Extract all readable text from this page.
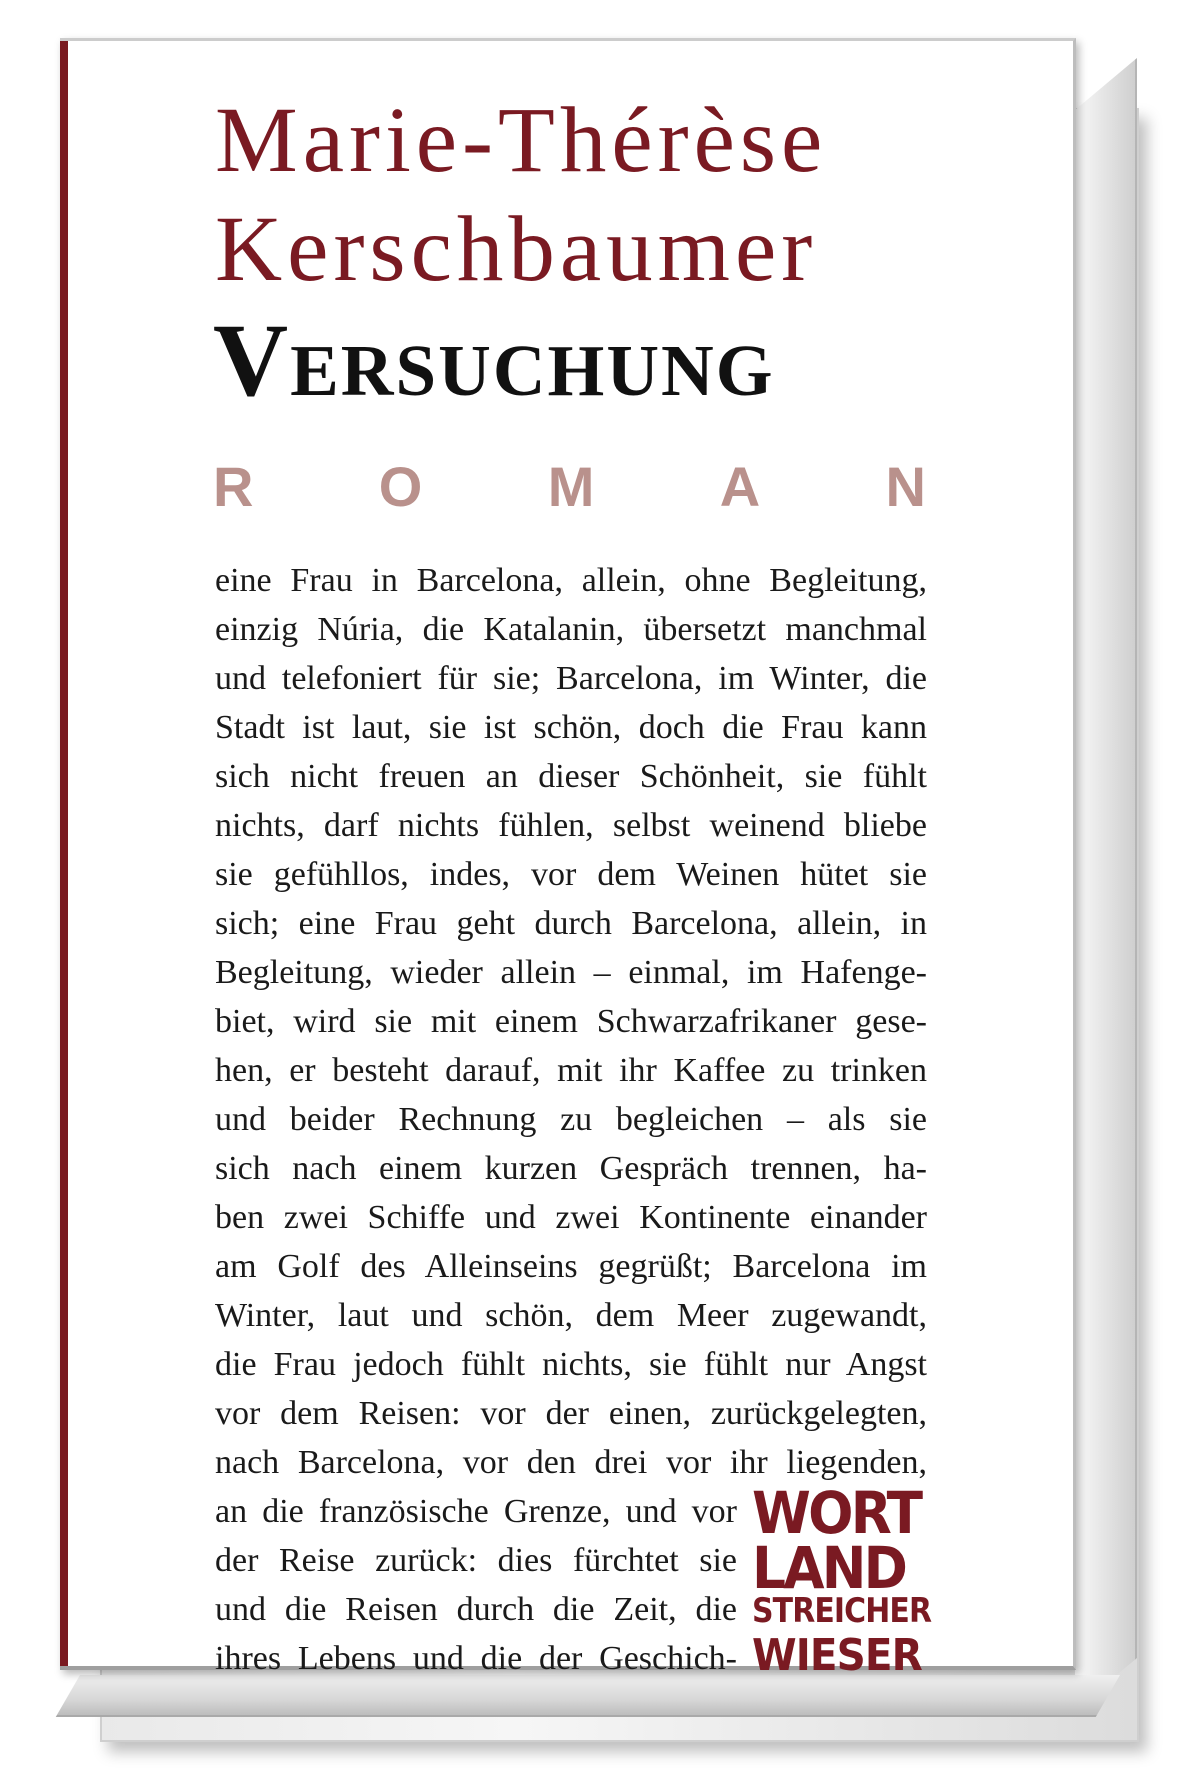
Marie-Thérèse
Kerschbaumer
Versuchung
R O M A N
eine Frau in Barcelona, allein, ohne Begleitung,
einzig Núria, die Katalanin, übersetzt manchmal
und telefoniert für sie; Barcelona, im Winter, die
Stadt ist laut, sie ist schön, doch die Frau kann
sich nicht freuen an dieser Schönheit, sie fühlt
nichts, darf nichts fühlen, selbst weinend bliebe
sie gefühllos, indes, vor dem Weinen hütet sie
sich; eine Frau geht durch Barcelona, allein, in
Begleitung, wieder allein – einmal, im Hafenge-
biet, wird sie mit einem Schwarzafrikaner gese-
hen, er besteht darauf, mit ihr Kaffee zu trinken
und beider Rechnung zu begleichen – als sie
sich nach einem kurzen Gespräch trennen, ha-
ben zwei Schiffe und zwei Kontinente einander
am Golf des Alleinseins gegrüßt; Barcelona im
Winter, laut und schön, dem Meer zugewandt,
die Frau jedoch fühlt nichts, sie fühlt nur Angst
vor dem Reisen: vor der einen, zurückgelegten,
nach Barcelona, vor den drei vor ihr liegenden,
an die französische Grenze, und vor
der Reise zurück: dies fürchtet sie
und die Reisen durch die Zeit, die
ihres Lebens und die der Geschich-
WORT
LAND
STREICHER
WIESER
